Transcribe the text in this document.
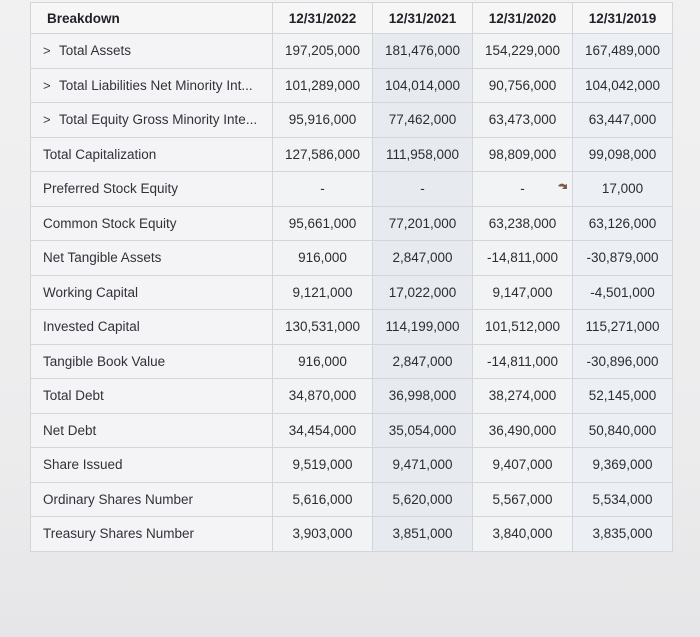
Breakdown	12/31/2022	12/31/2021	12/31/2020	12/31/2019
> Total Assets	197,205,000	181,476,000	154,229,000	167,489,000
> Total Liabilities Net Minority Int...	101,289,000	104,014,000	90,756,000	104,042,000
> Total Equity Gross Minority Inte...	95,916,000	77,462,000	63,473,000	63,447,000
Total Capitalization	127,586,000	111,958,000	98,809,000	99,098,000
Preferred Stock Equity	-	-	-	17,000
Common Stock Equity	95,661,000	77,201,000	63,238,000	63,126,000
Net Tangible Assets	916,000	2,847,000	-14,811,000	-30,879,000
Working Capital	9,121,000	17,022,000	9,147,000	-4,501,000
Invested Capital	130,531,000	114,199,000	101,512,000	115,271,000
Tangible Book Value	916,000	2,847,000	-14,811,000	-30,896,000
Total Debt	34,870,000	36,998,000	38,274,000	52,145,000
Net Debt	34,454,000	35,054,000	36,490,000	50,840,000
Share Issued	9,519,000	9,471,000	9,407,000	9,369,000
Ordinary Shares Number	5,616,000	5,620,000	5,567,000	5,534,000
Treasury Shares Number	3,903,000	3,851,000	3,840,000	3,835,000
